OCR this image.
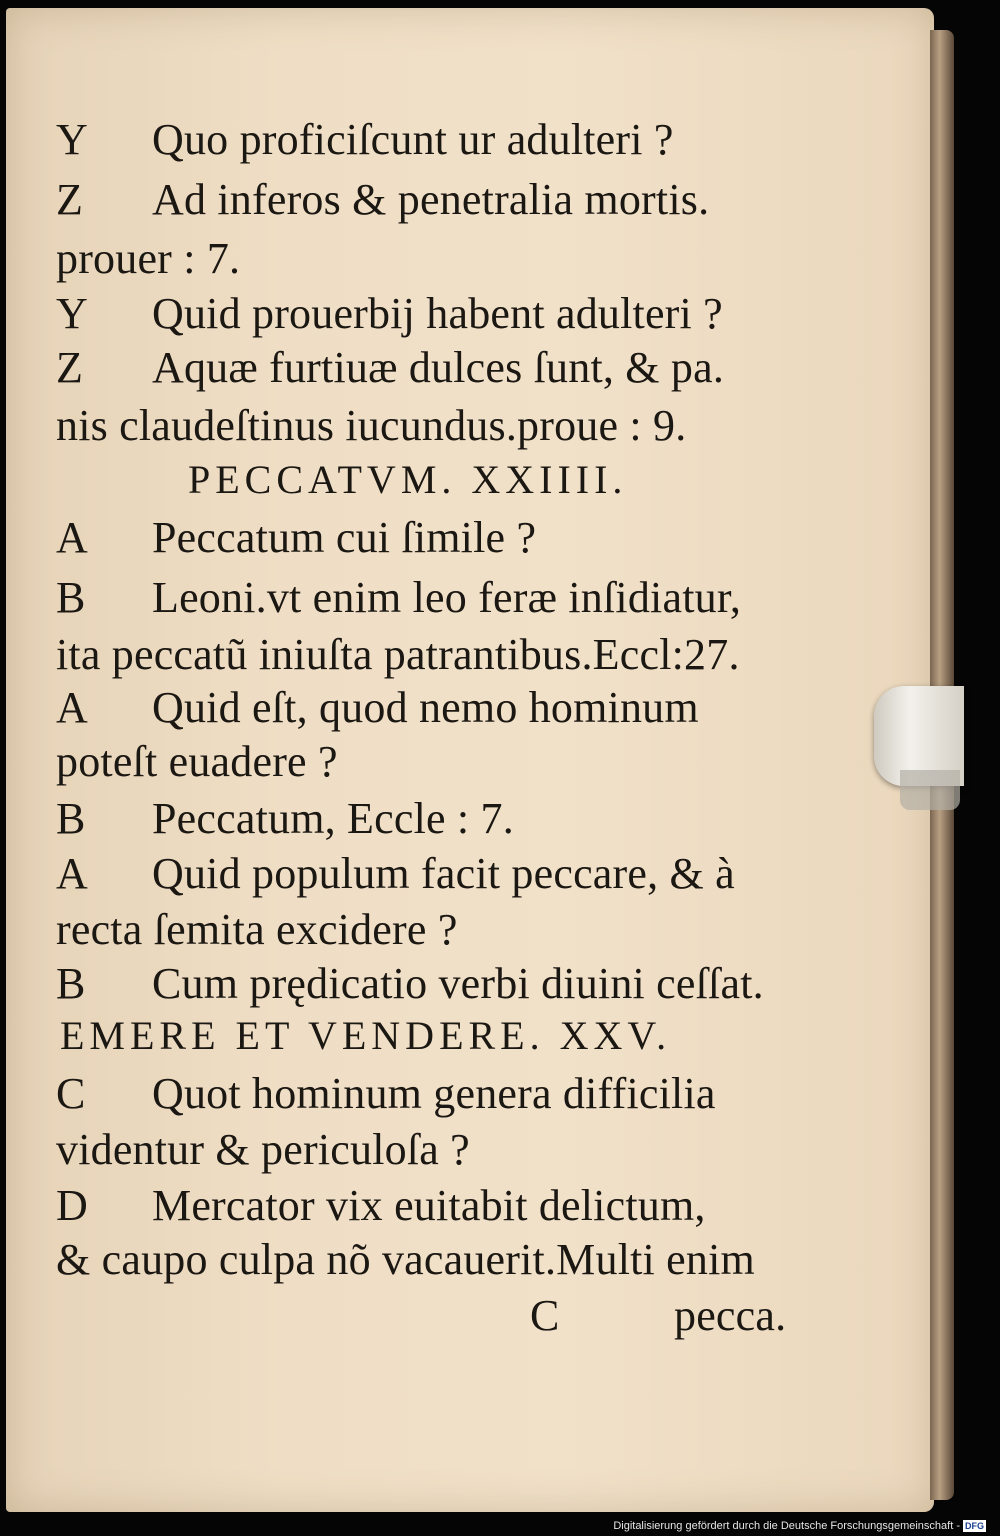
Y Quo proficiſcunt ur adulteri ?
Z Ad inferos & penetralia mortis.
prouer : 7.
Y Quid prouerbij habent adulteri ?
Z Aquæ furtiuæ dulces ſunt, & pa.
nis claudeſtinus iucundus.proue : 9.
PECCATVM. XXIIII.
A Peccatum cui ſimile ?
B Leoni.vt enim leo feræ inſidiatur,
ita peccatũ iniuſta patrantibus.Eccl:27.
A Quid eſt, quod nemo hominum
poteſt euadere ?
B Peccatum, Eccle : 7.
A Quid populum facit peccare, & à
recta ſemita excidere ?
B Cum prędicatio verbi diuini ceſſat.
EMERE ET VENDERE. XXV.
C Quot hominum genera difficilia
videntur & periculoſa ?
D Mercator vix euitabit delictum,
& caupo culpa nõ vacauerit.Multi enim
C	pecca.
Digitalisierung gefördert durch die Deutsche Forschungsgemeinschaft - DFG
